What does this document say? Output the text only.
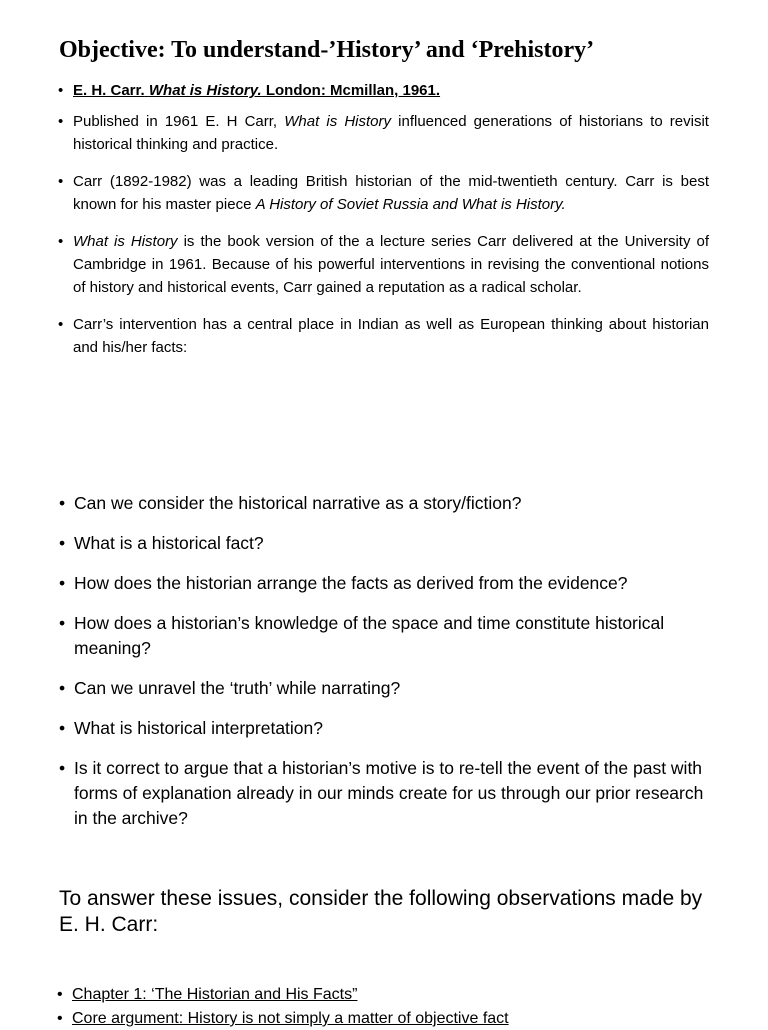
Objective: To understand-’History’ and ‘Prehistory’
• E. H. Carr. What is History. London: Mcmillan, 1961.
• Published in 1961 E. H Carr, What is History influenced generations of historians to revisit historical thinking and practice.
• Carr (1892-1982) was a leading British historian of the mid-twentieth century. Carr is best known for his master piece A History of Soviet Russia and What is History.
• What is History is the book version of the a lecture series Carr delivered at the University of Cambridge in 1961. Because of his powerful interventions in revising the conventional notions of history and historical events, Carr gained a reputation as a radical scholar.
• Carr’s intervention has a central place in Indian as well as European thinking about historian and his/her facts:
• Can we consider the historical narrative as a story/fiction?
• What is a historical fact?
• How does the historian arrange the facts as derived from the evidence?
• How does a historian’s knowledge of the space and time constitute historical meaning?
• Can we unravel the ‘truth’ while narrating?
• What is historical interpretation?
• Is it correct to argue that a historian’s motive is to re-tell the event of the past with forms of explanation already in our minds create for us through our prior research in the archive?
To answer these issues, consider the following observations made by E. H. Carr:
• Chapter 1: ‘The Historian and His Facts”
• Core argument: History is not simply a matter of objective fact
